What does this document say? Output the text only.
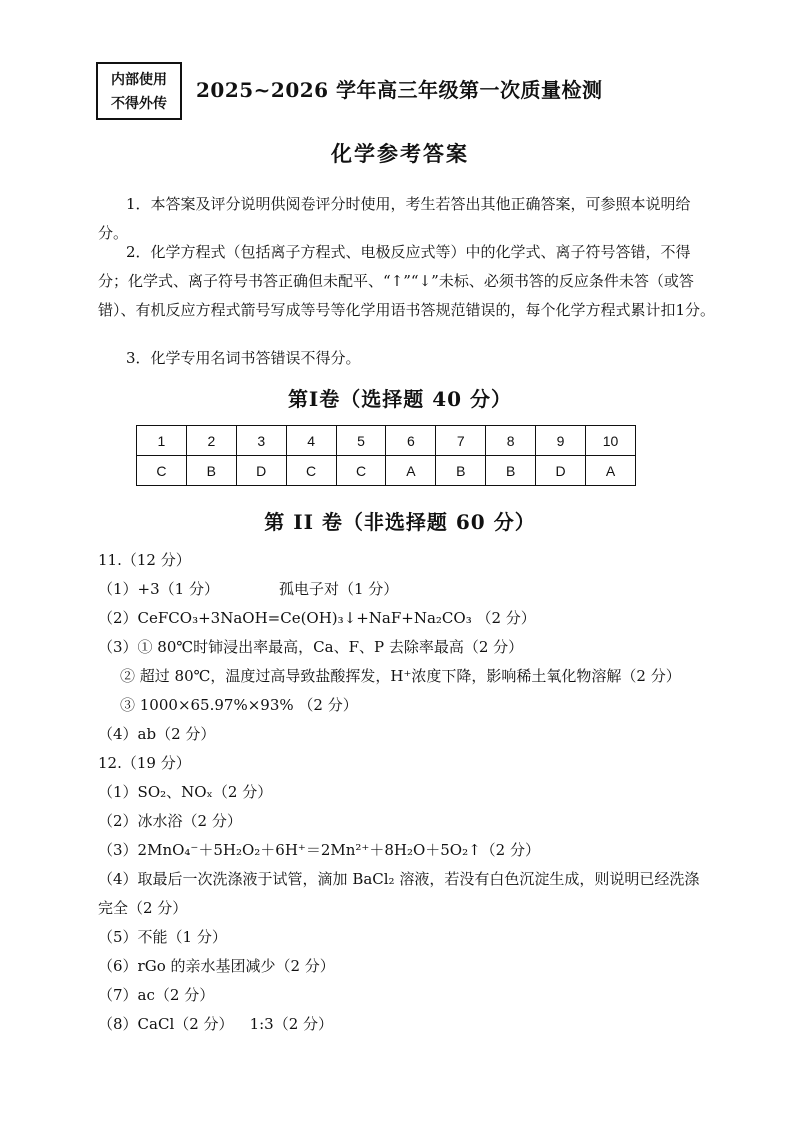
内部使用
不得外传
2025~2026 学年高三年级第一次质量检测
化学参考答案

1．本答案及评分说明供阅卷评分时使用，考生若答出其他正确答案，可参照本说明给分。

2．化学方程式（包括离子方程式、电极反应式等）中的化学式、离子符号答错，不得分；化学式、离子符号书答正确但未配平、“↑”“↓”未标、必须书答的反应条件未答（或答错）、有机反应方程式箭号写成等号等化学用语书答规范错误的，每个化学方程式累计扣1分。

3．化学专用名词书答错误不得分。

第I卷（选择题 40 分）
1	2	3	4	5	6	7	8	9	10
C	B	D	C	C	A	B	B	D	A
第 II 卷（非选择题 60 分）
11.（12 分）
（1）+3（1 分）	孤电子对（1 分）
（2）CeFCO₃+3NaOH=Ce(OH)₃↓+NaF+Na₂CO₃ （2 分）
（3）① 80℃时铈浸出率最高，Ca、F、P 去除率最高（2 分）
② 超过 80℃，温度过高导致盐酸挥发，H⁺浓度下降，影响稀土氧化物溶解（2 分）
③ 1000×65.97%×93% （2 分）
（4）ab（2 分）
12.（19 分）
（1）SO₂、NOₓ（2 分）
（2）冰水浴（2 分）
（3）2MnO₄⁻＋5H₂O₂＋6H⁺＝2Mn²⁺＋8H₂O＋5O₂↑（2 分）
（4）取最后一次洗涤液于试管，滴加 BaCl₂ 溶液，若没有白色沉淀生成，则说明已经洗涤
完全（2 分）
（5）不能（1 分）
（6）rGo 的亲水基团减少（2 分）
（7）ac（2 分）
（8）CaCl（2 分） 1:3（2 分）
